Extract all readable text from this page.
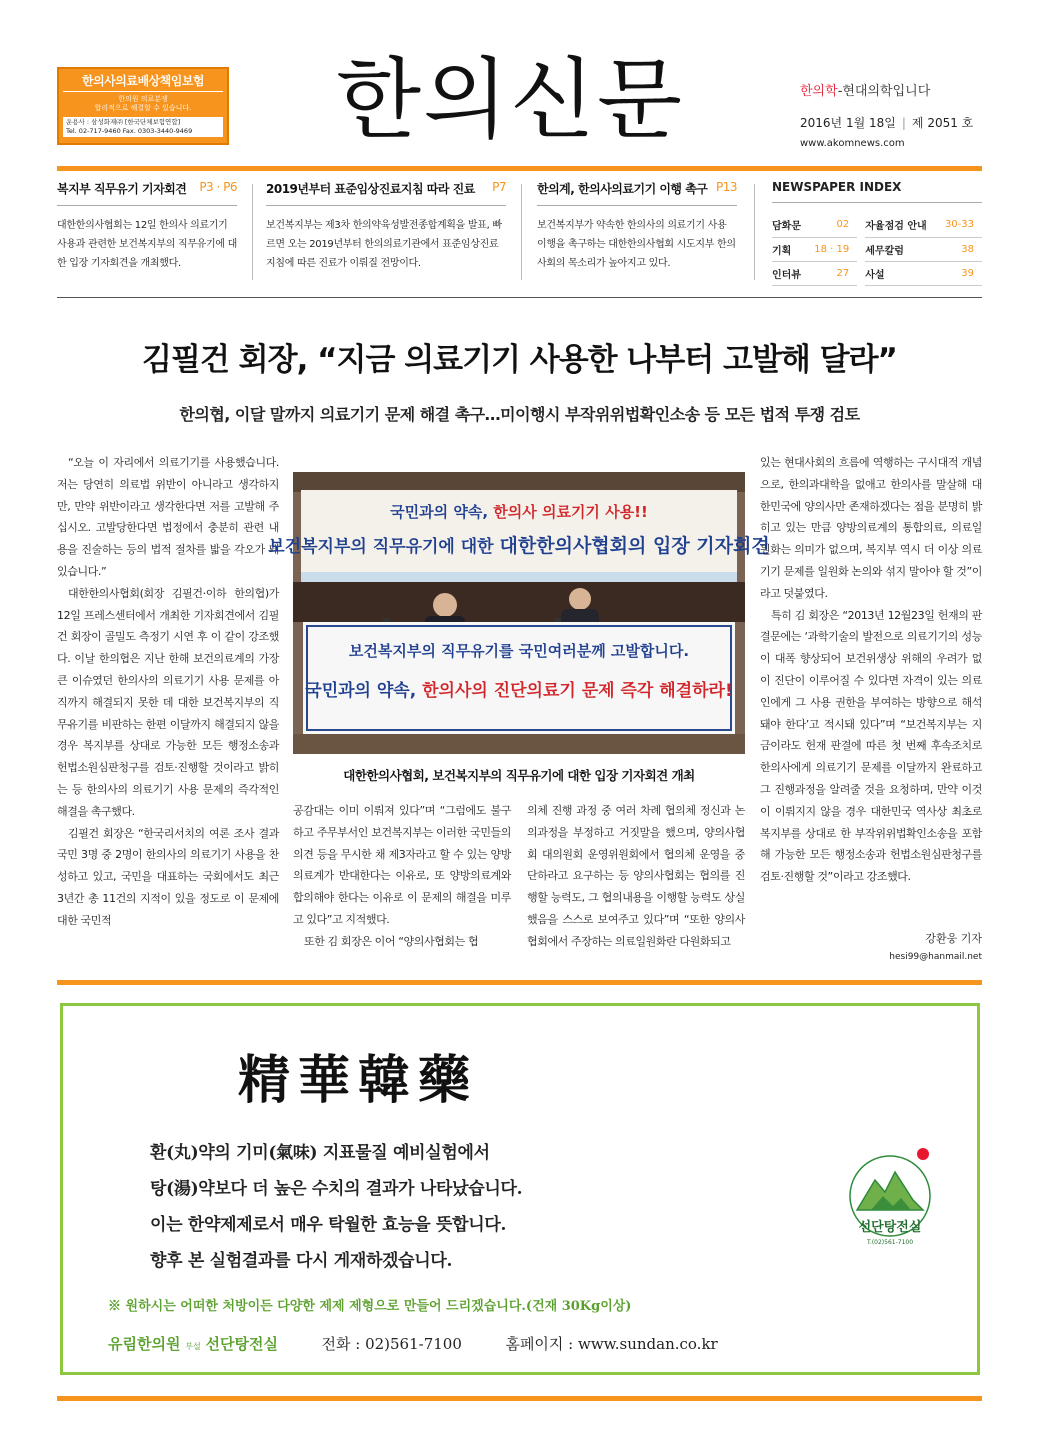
한의사의료배상책임보험
한의원 의료분쟁
합리적으로 해결할 수 있습니다.
운용사 : 삼성화재㈜ [한국단체보험연합]
Tel. 02-717-9460 Fax. 0303-3440-9469	한의신문	한의학-현대의학입니다
2016년 1월 18일 | 제 2051 호
www.akomnews.com
복지부 직무유기 기자회견 P3 · P6
대한한의사협회는 12일 한의사 의료기기 사용과 관련한 보건복지부의 직무유기에 대한 입장 기자회견을 개최했다.
2019년부터 표준임상진료지침 따라 진료 P7
보건복지부는 제3차 한의약육성발전종합계획을 발표, 빠르면 오는 2019년부터 한의의료기관에서 표준임상진료지침에 따른 진료가 이뤄질 전망이다.
한의계, 한의사의료기기 이행 촉구 P13
보건복지부가 약속한 한의사의 의료기기 사용 이행을 촉구하는 대한한의사협회 시도지부 한의사회의 목소리가 높아지고 있다.
NEWSPAPER INDEX
담화문	02		자율점검 안내	30-33
기획	18 · 19		세무칼럼	38
인터뷰	27		사설	39
김필건 회장, “지금 의료기기 사용한 나부터 고발해 달라”
한의협, 이달 말까지 의료기기 문제 해결 촉구…미이행시 부작위위법확인소송 등 모든 법적 투쟁 검토

“오늘 이 자리에서 의료기기를 사용했습니다. 저는 당연히 의료법 위반이 아니라고 생각하지만, 만약 위반이라고 생각한다면 저를 고발해 주십시오. 고발당한다면 법정에서 충분히 관련 내용을 진술하는 등의 법적 절차를 밟을 각오가 돼 있습니다.”

대한한의사협회(회장 김필건·이하 한의협)가 12일 프레스센터에서 개최한 기자회견에서 김필건 회장이 골밀도 측정기 시연 후 이 같이 강조했다. 이날 한의협은 지난 한해 보건의료계의 가장 큰 이슈였던 한의사의 의료기기 사용 문제를 아직까지 해결되지 못한 데 대한 보건복지부의 직무유기를 비판하는 한편 이달까지 해결되지 않을 경우 복지부를 상대로 가능한 모든 행정소송과 헌법소원심판청구를 검토·진행할 것이라고 밝히는 등 한의사의 의료기기 사용 문제의 즉각적인 해결을 촉구했다.

김필건 회장은 “한국리서치의 여론 조사 결과 국민 3명 중 2명이 한의사의 의료기기 사용을 찬성하고 있고, 국민을 대표하는 국회에서도 최근 3년간 총 11건의 지적이 있을 정도로 이 문제에 대한 국민적

국민과의 약속, 한의사 의료기기 사용!!
보건복지부의 직무유기에 대한 대한한의사협회의 입장 기자회견
보건복지부의 직무유기를 국민여러분께 고발합니다.
국민과의 약속, 한의사의 진단의료기 문제 즉각 해결하라!
대한한의사협회, 보건복지부의 직무유기에 대한 입장 기자회견 개최

공감대는 이미 이뤄져 있다”며 “그럼에도 불구하고 주무부서인 보건복지부는 이러한 국민들의 의견 등을 무시한 채 제3자라고 할 수 있는 양방의료계가 반대한다는 이유로, 또 양방의료계와 합의해야 한다는 이유로 이 문제의 해결을 미루고 있다”고 지적했다.

또한 김 회장은 이어 “양의사협회는 협

의체 진행 과정 중 여러 차례 협의체 정신과 논의과정을 부정하고 거짓말을 했으며, 양의사협회 대의원회 운영위원회에서 협의체 운영을 중단하라고 요구하는 등 양의사협회는 협의를 진행할 능력도, 그 협의내용을 이행할 능력도 상실했음을 스스로 보여주고 있다”며 “또한 양의사협회에서 주장하는 의료일원화란 다원화되고

있는 현대사회의 흐름에 역행하는 구시대적 개념으로, 한의과대학을 없애고 한의사를 말살해 대한민국에 양의사만 존재하겠다는 점을 분명히 밝히고 있는 만큼 양방의료계의 통합의료, 의료일원화는 의미가 없으며, 복지부 역시 더 이상 의료기기 문제를 일원화 논의와 섞지 말아야 할 것”이라고 덧붙였다.

특히 김 회장은 “2013년 12월23일 헌재의 판결문에는 ‘과학기술의 발전으로 의료기기의 성능이 대폭 향상되어 보건위생상 위해의 우려가 없이 진단이 이루어질 수 있다면 자격이 있는 의료인에게 그 사용 권한을 부여하는 방향으로 해석돼야 한다’고 적시돼 있다”며 “보건복지부는 지금이라도 헌재 판결에 따른 첫 번째 후속조치로 한의사에게 의료기기 문제를 이달까지 완료하고 그 진행과정을 알려줄 것을 요청하며, 만약 이것이 이뤄지지 않을 경우 대한민국 역사상 최초로 복지부를 상대로 한 부작위위법확인소송을 포함해 가능한 모든 행정소송과 헌법소원심판청구를 검토·진행할 것”이라고 강조했다.

강환웅 기자
hesi99@hanmail.net
精華韓藥
환(丸)약의 기미(氣味) 지표물질 예비실험에서
탕(湯)약보다 더 높은 수치의 결과가 나타났습니다.
이는 한약제제로서 매우 탁월한 효능을 뜻합니다.
향후 본 실험결과를 다시 게재하겠습니다.
※ 원하시는 어떠한 처방이든 다양한 제제 제형으로 만들어 드리겠습니다.(건재 30Kg이상)
유림한의원 부설 선단탕전실	전화 : 02)561-7100	홈페이지 : www.sundan.co.kr
선단탕전실
T.(02)561-7100
